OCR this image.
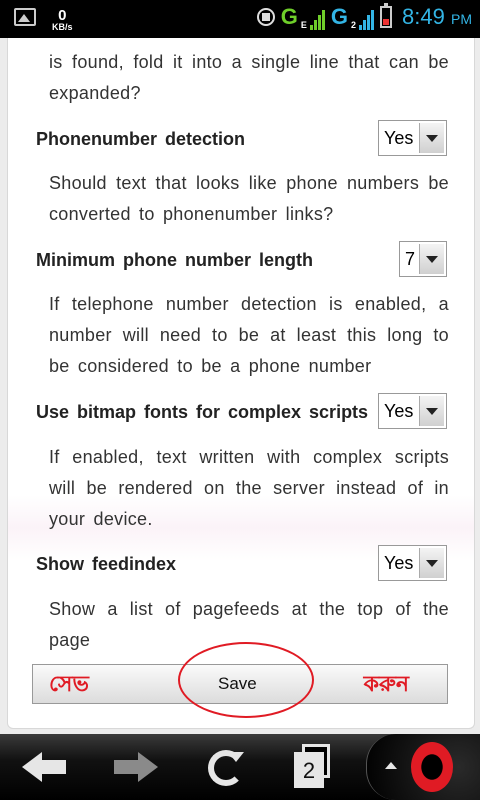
0
KB/s	G $_E$ G $_2$ 8:49 PM
is found, fold it into a single line that can be expanded?
Phonenumber detection	Yes
Should text that looks like phone numbers be converted to phonenumber links?
Minimum phone number length	7
If telephone number detection is enabled, a number will need to be at least this long to be considered to be a phone number
Use bitmap fonts for complex scripts Yes
If enabled, text written with complex scripts will be rendered on the server instead of in your device.
Show feedindex	Yes
Show a list of pagefeeds at the top of the page
সেভ	Save	করুন
2
